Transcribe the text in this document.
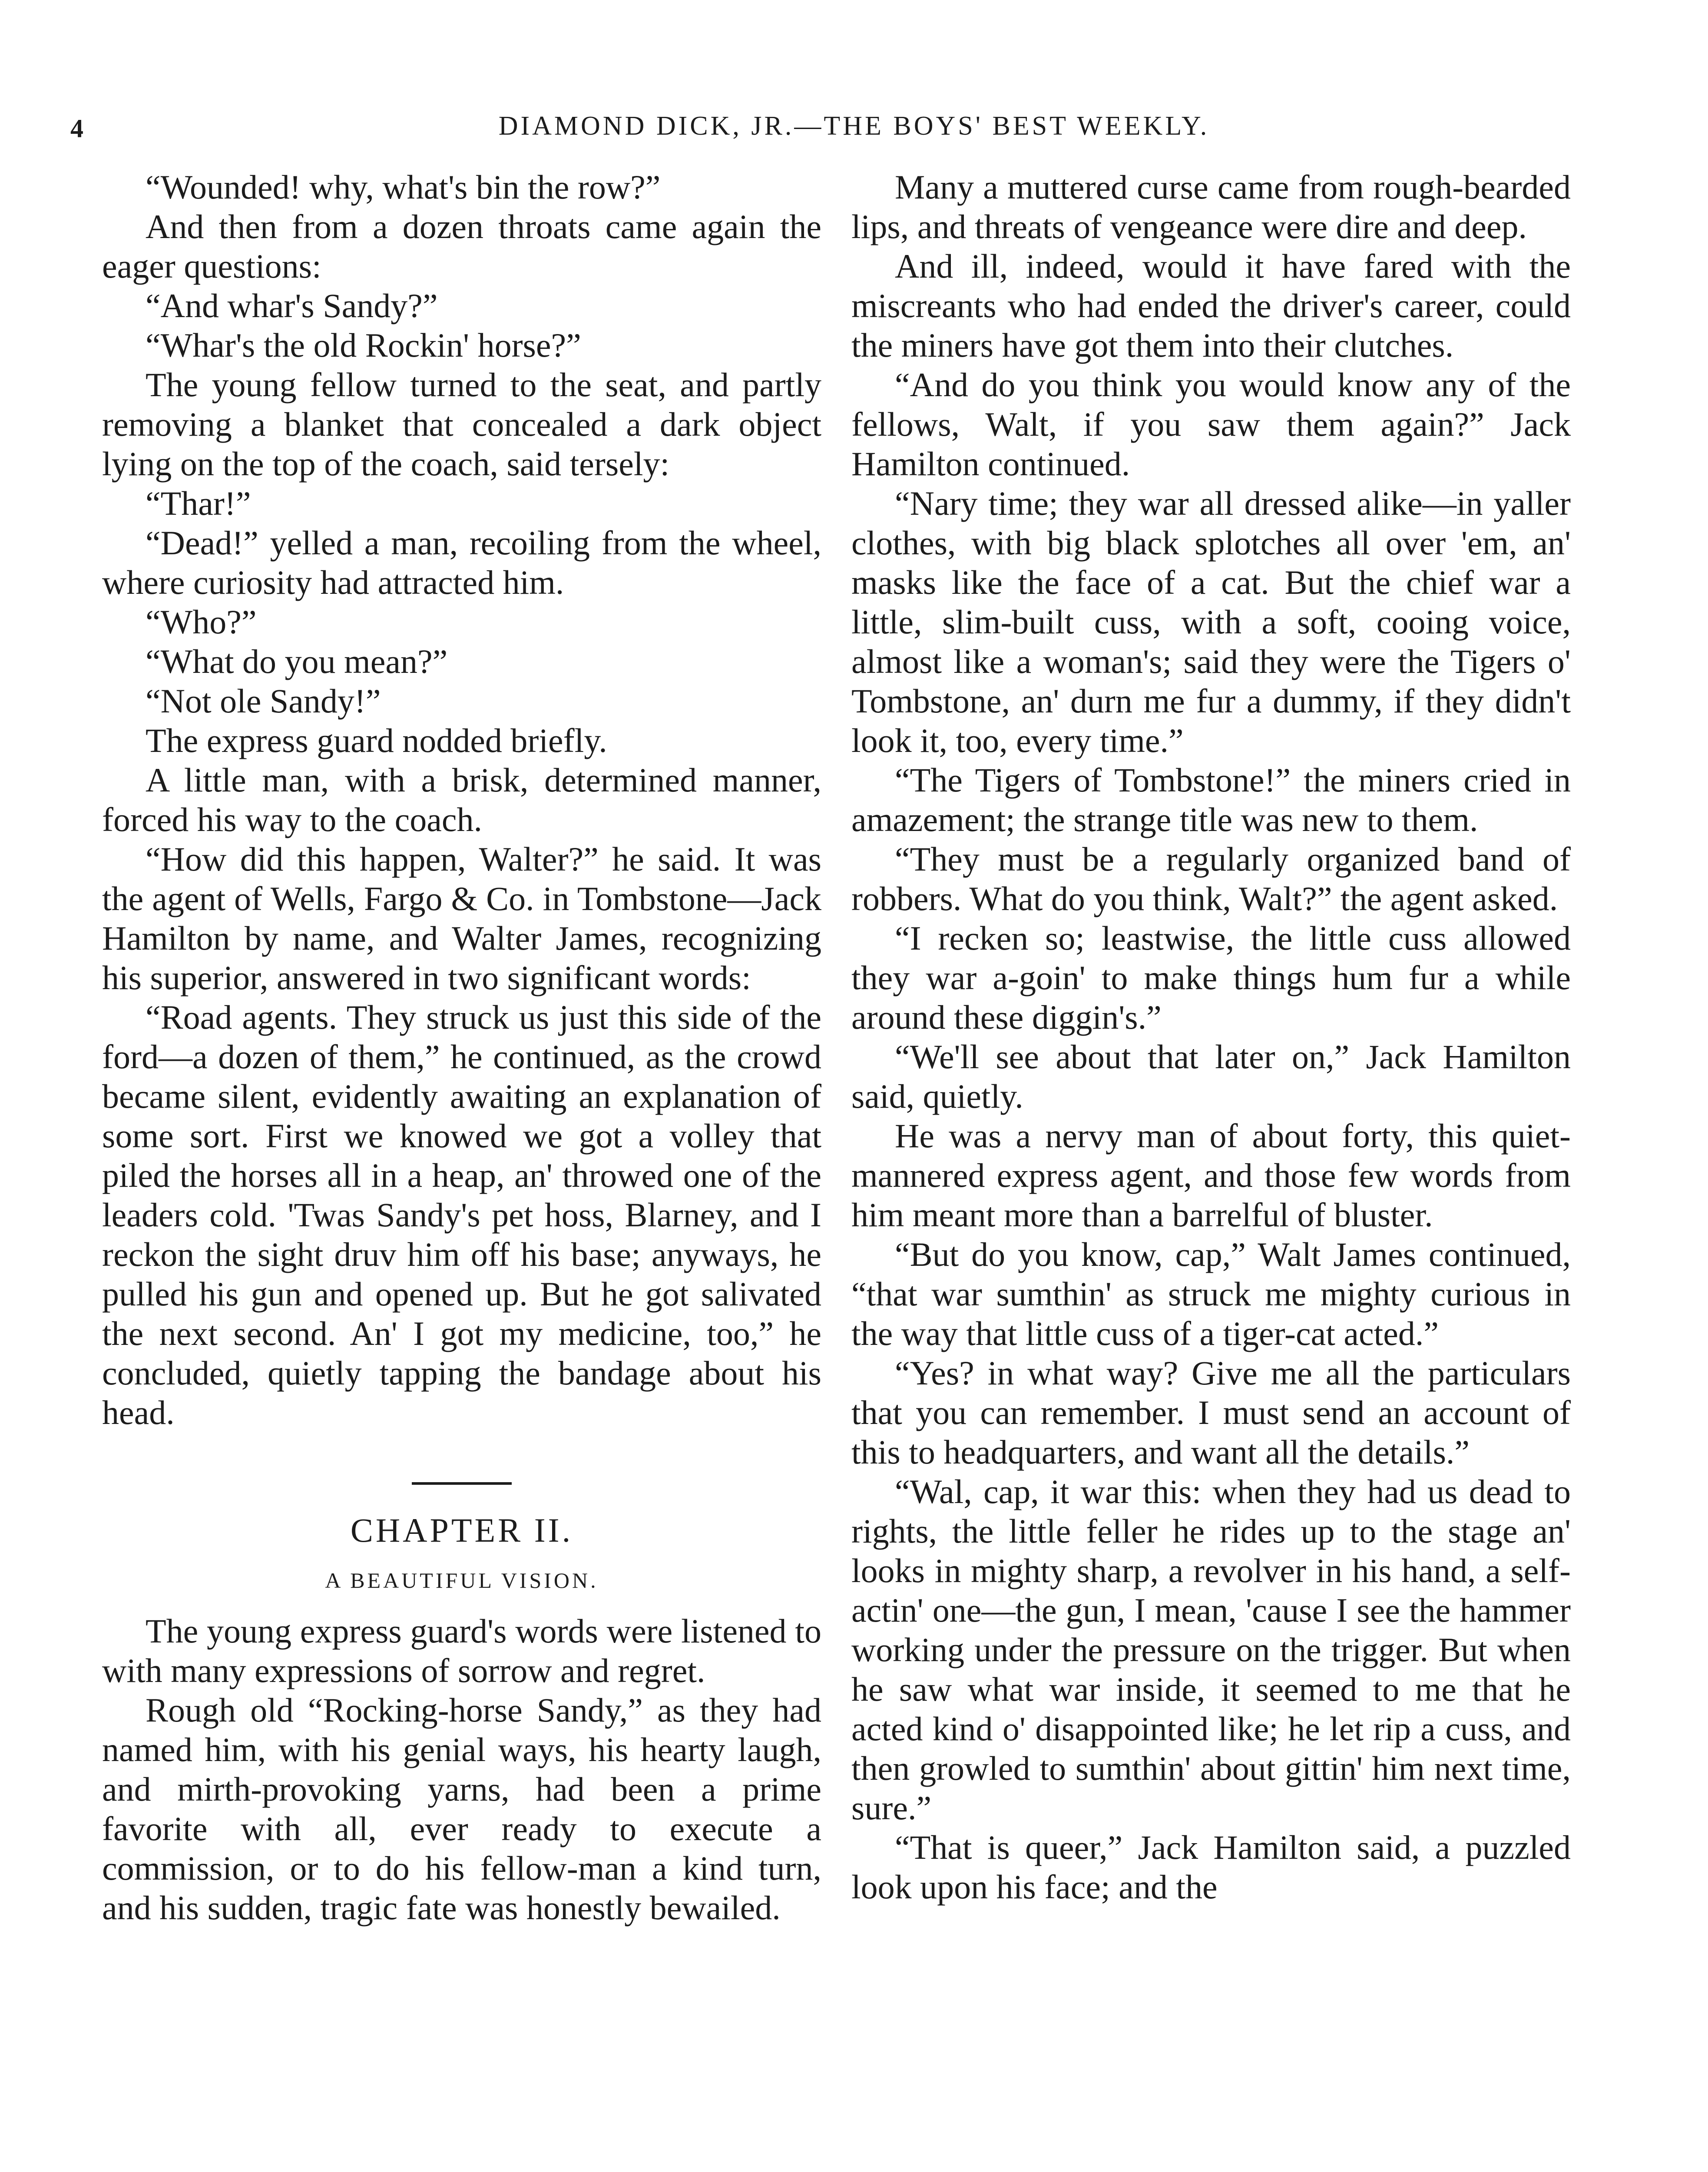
4	DIAMOND DICK, JR.—THE BOYS' BEST WEEKLY.

“Wounded! why, what's bin the row?”

And then from a dozen throats came again the eager questions:

“And whar's Sandy?”

“Whar's the old Rockin' horse?”

The young fellow turned to the seat, and partly removing a blanket that concealed a dark object lying on the top of the coach, said tersely:

“Thar!”

“Dead!” yelled a man, recoiling from the wheel, where curiosity had attracted him.

“Who?”

“What do you mean?”

“Not ole Sandy!”

The express guard nodded briefly.

A little man, with a brisk, determined manner, forced his way to the coach.

“How did this happen, Walter?” he said. It was the agent of Wells, Fargo & Co. in Tombstone—Jack Hamilton by name, and Walter James, recognizing his superior, answered in two significant words:

“Road agents. They struck us just this side of the ford—a dozen of them,” he continued, as the crowd became silent, evidently awaiting an explanation of some sort. First we knowed we got a volley that piled the horses all in a heap, an' throwed one of the leaders cold. 'Twas Sandy's pet hoss, Blarney, and I reckon the sight druv him off his base; anyways, he pulled his gun and opened up. But he got salivated the next second. An' I got my medicine, too,” he concluded, quietly tapping the bandage about his head.

CHAPTER II.
A BEAUTIFUL VISION.

The young express guard's words were listened to with many expressions of sorrow and regret.

Rough old “Rocking-horse Sandy,” as they had named him, with his genial ways, his hearty laugh, and mirth-provoking yarns, had been a prime favorite with all, ever ready to execute a commission, or to do his fellow-man a kind turn, and his sudden, tragic fate was honestly bewailed.

Many a muttered curse came from rough-bearded lips, and threats of vengeance were dire and deep.

And ill, indeed, would it have fared with the miscreants who had ended the driver's career, could the miners have got them into their clutches.

“And do you think you would know any of the fellows, Walt, if you saw them again?” Jack Hamilton continued.

“Nary time; they war all dressed alike—in yaller clothes, with big black splotches all over 'em, an' masks like the face of a cat. But the chief war a little, slim-built cuss, with a soft, cooing voice, almost like a woman's; said they were the Tigers o' Tombstone, an' durn me fur a dummy, if they didn't look it, too, every time.”

“The Tigers of Tombstone!” the miners cried in amazement; the strange title was new to them.

“They must be a regularly organized band of robbers. What do you think, Walt?” the agent asked.

“I recken so; leastwise, the little cuss allowed they war a-goin' to make things hum fur a while around these diggin's.”

“We'll see about that later on,” Jack Hamilton said, quietly.

He was a nervy man of about forty, this quiet-mannered express agent, and those few words from him meant more than a barrelful of bluster.

“But do you know, cap,” Walt James continued, “that war sumthin' as struck me mighty curious in the way that little cuss of a tiger-cat acted.”

“Yes? in what way? Give me all the particulars that you can remember. I must send an account of this to headquarters, and want all the details.”

“Wal, cap, it war this: when they had us dead to rights, the little feller he rides up to the stage an' looks in mighty sharp, a revolver in his hand, a self-actin' one—the gun, I mean, 'cause I see the hammer working under the pressure on the trigger. But when he saw what war inside, it seemed to me that he acted kind o' disappointed like; he let rip a cuss, and then growled to sumthin' about gittin' him next time, sure.”

“That is queer,” Jack Hamilton said, a puzzled look upon his face; and the
